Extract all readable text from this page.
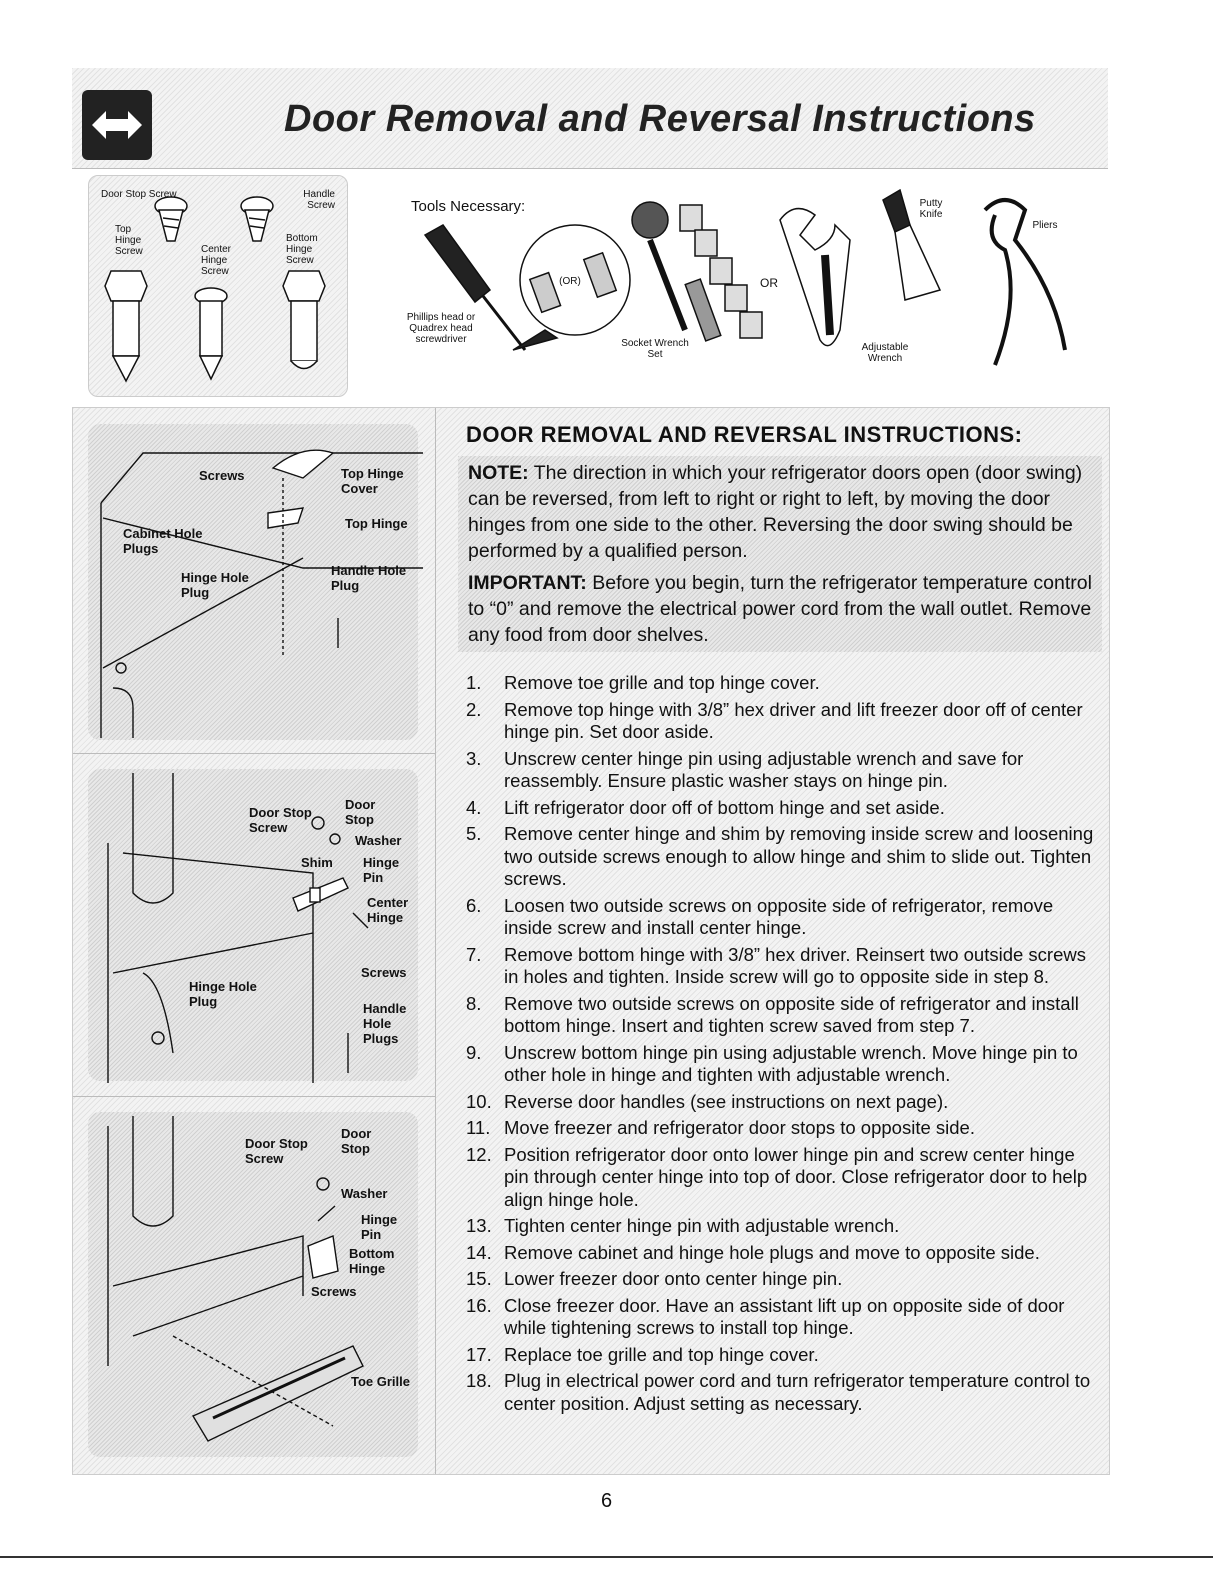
Door Removal and Reversal Instructions
Door Stop Screw	Handle Screw
Top Hinge Screw	Center Hinge Screw
Bottom Hinge Screw
Tools Necessary:
Phillips head or Quadrex head screwdriver
(OR)
Socket Wrench Set
OR
Adjustable Wrench
Putty Knife
Pliers
Screws	Top Hinge Cover
Top Hinge
Cabinet Hole Plugs
Hinge Hole Plug
Handle Hole Plug
Door Stop Screw
Door Stop
Washer
Shim Hinge Pin
Center Hinge
Screws
Hinge Hole Plug	Handle Hole Plugs
Door Stop Screw
Door Stop
Washer
Hinge Pin
Bottom Hinge
Screws
Toe Grille
DOOR REMOVAL AND REVERSAL INSTRUCTIONS:
NOTE: The direction in which your refrigerator doors open (door swing) can be reversed, from left to right or right to left, by moving the door hinges from one side to the other. Reversing the door swing should be performed by a qualified person.
IMPORTANT: Before you begin, turn the refrigerator temperature control to “0” and remove the electrical power cord from the wall outlet. Remove any food from door shelves.
1.	Remove toe grille and top hinge cover.
2.	Remove top hinge with 3/8” hex driver and lift freezer door off of center hinge pin. Set door aside.
3.	Unscrew center hinge pin using adjustable wrench and save for reassembly. Ensure plastic washer stays on hinge pin.
4.	Lift refrigerator door off of bottom hinge and set aside.
5.	Remove center hinge and shim by removing inside screw and loosening two outside screws enough to allow hinge and shim to slide out. Tighten screws.
6.	Loosen two outside screws on opposite side of refrigerator, remove inside screw and install center hinge.
7.	Remove bottom hinge with 3/8” hex driver. Reinsert two outside screws in holes and tighten. Inside screw will go to opposite side in step 8.
8.	Remove two outside screws on opposite side of refrigerator and install bottom hinge. Insert and tighten screw saved from step 7.
9.	Unscrew bottom hinge pin using adjustable wrench. Move hinge pin to other hole in hinge and tighten with adjustable wrench.
10. Reverse door handles (see instructions on next page).
11. Move freezer and refrigerator door stops to opposite side.
12. Position refrigerator door onto lower hinge pin and screw center hinge pin through center hinge into top of door. Close refrigerator door to help align hinge hole.
13. Tighten center hinge pin with adjustable wrench.
14. Remove cabinet and hinge hole plugs and move to opposite side.
15. Lower freezer door onto center hinge pin.
16. Close freezer door. Have an assistant lift up on opposite side of door while tightening screws to install top hinge.
17. Replace toe grille and top hinge cover.
18. Plug in electrical power cord and turn refrigerator temperature control to center position. Adjust setting as necessary.
6
